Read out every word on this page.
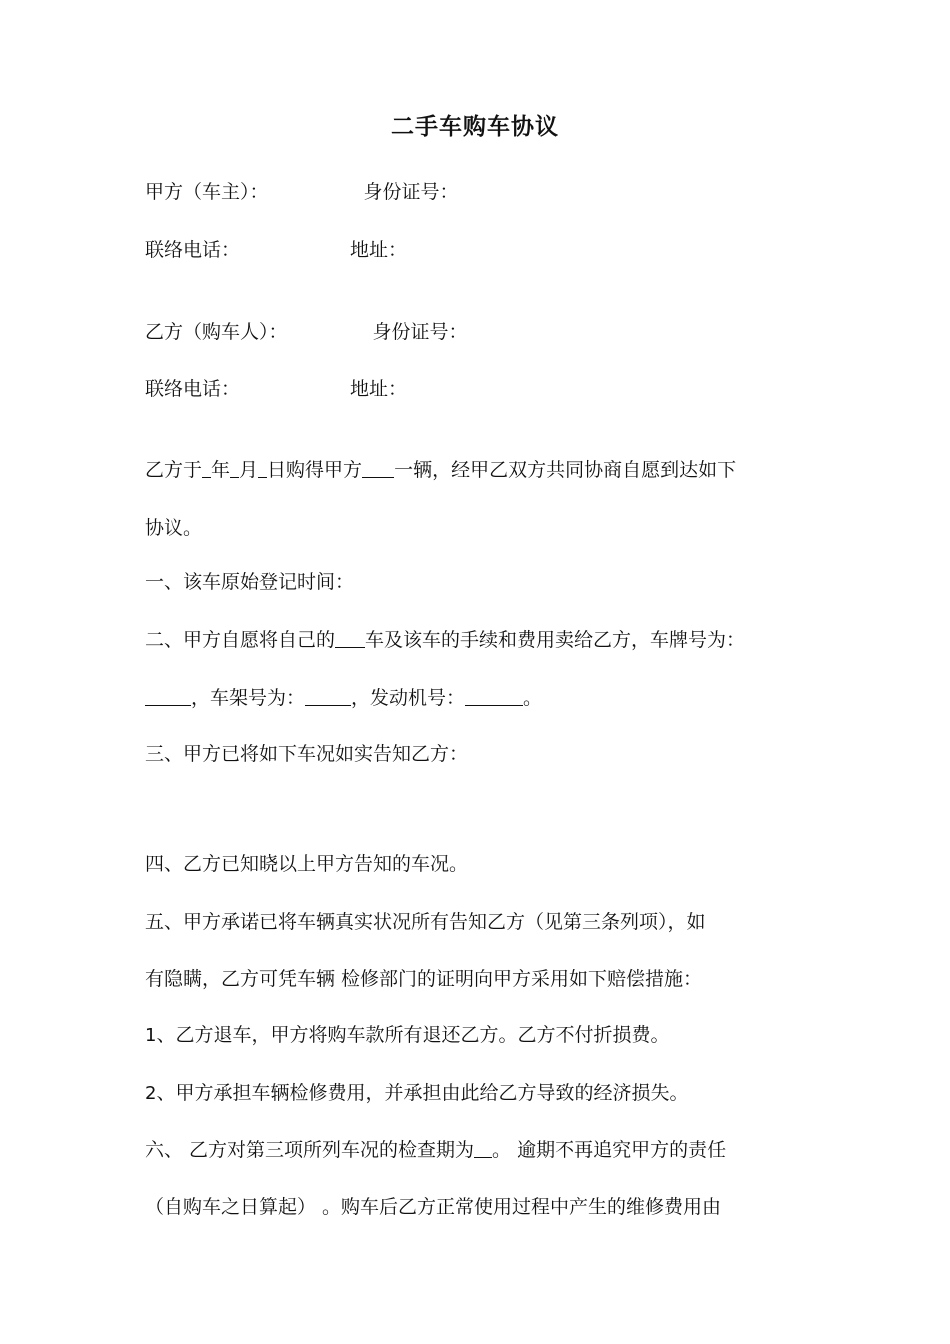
二手车购车协议
甲方（车主）：	身份证号：
联络电话：	地址：
乙方（购车人）：	身份证号：
联络电话：	地址：
乙方于 年 月 日购得甲方 一辆，经甲乙双方共同协商自愿到达如下
协议。
一、该车原始登记时间：
二、甲方自愿将自己的 车及该车的手续和费用卖给乙方，车牌号为：
，车架号为： ，发动机号：	。
三、甲方已将如下车况如实告知乙方：
四、乙方已知晓以上甲方告知的车况。
五、甲方承诺已将车辆真实状况所有告知乙方（见第三条列项），如
有隐瞒，乙方可凭车辆 检修部门的证明向甲方采用如下赔偿措施：
1、乙方退车，甲方将购车款所有退还乙方。乙方不付折损费。
2、甲方承担车辆检修费用，并承担由此给乙方导致的经济损失。
六、 乙方对第三项所列车况的检查期为 。 逾期不再追究甲方的责任
（自购车之日算起） 。购车后乙方正常使用过程中产生的维修费用由
